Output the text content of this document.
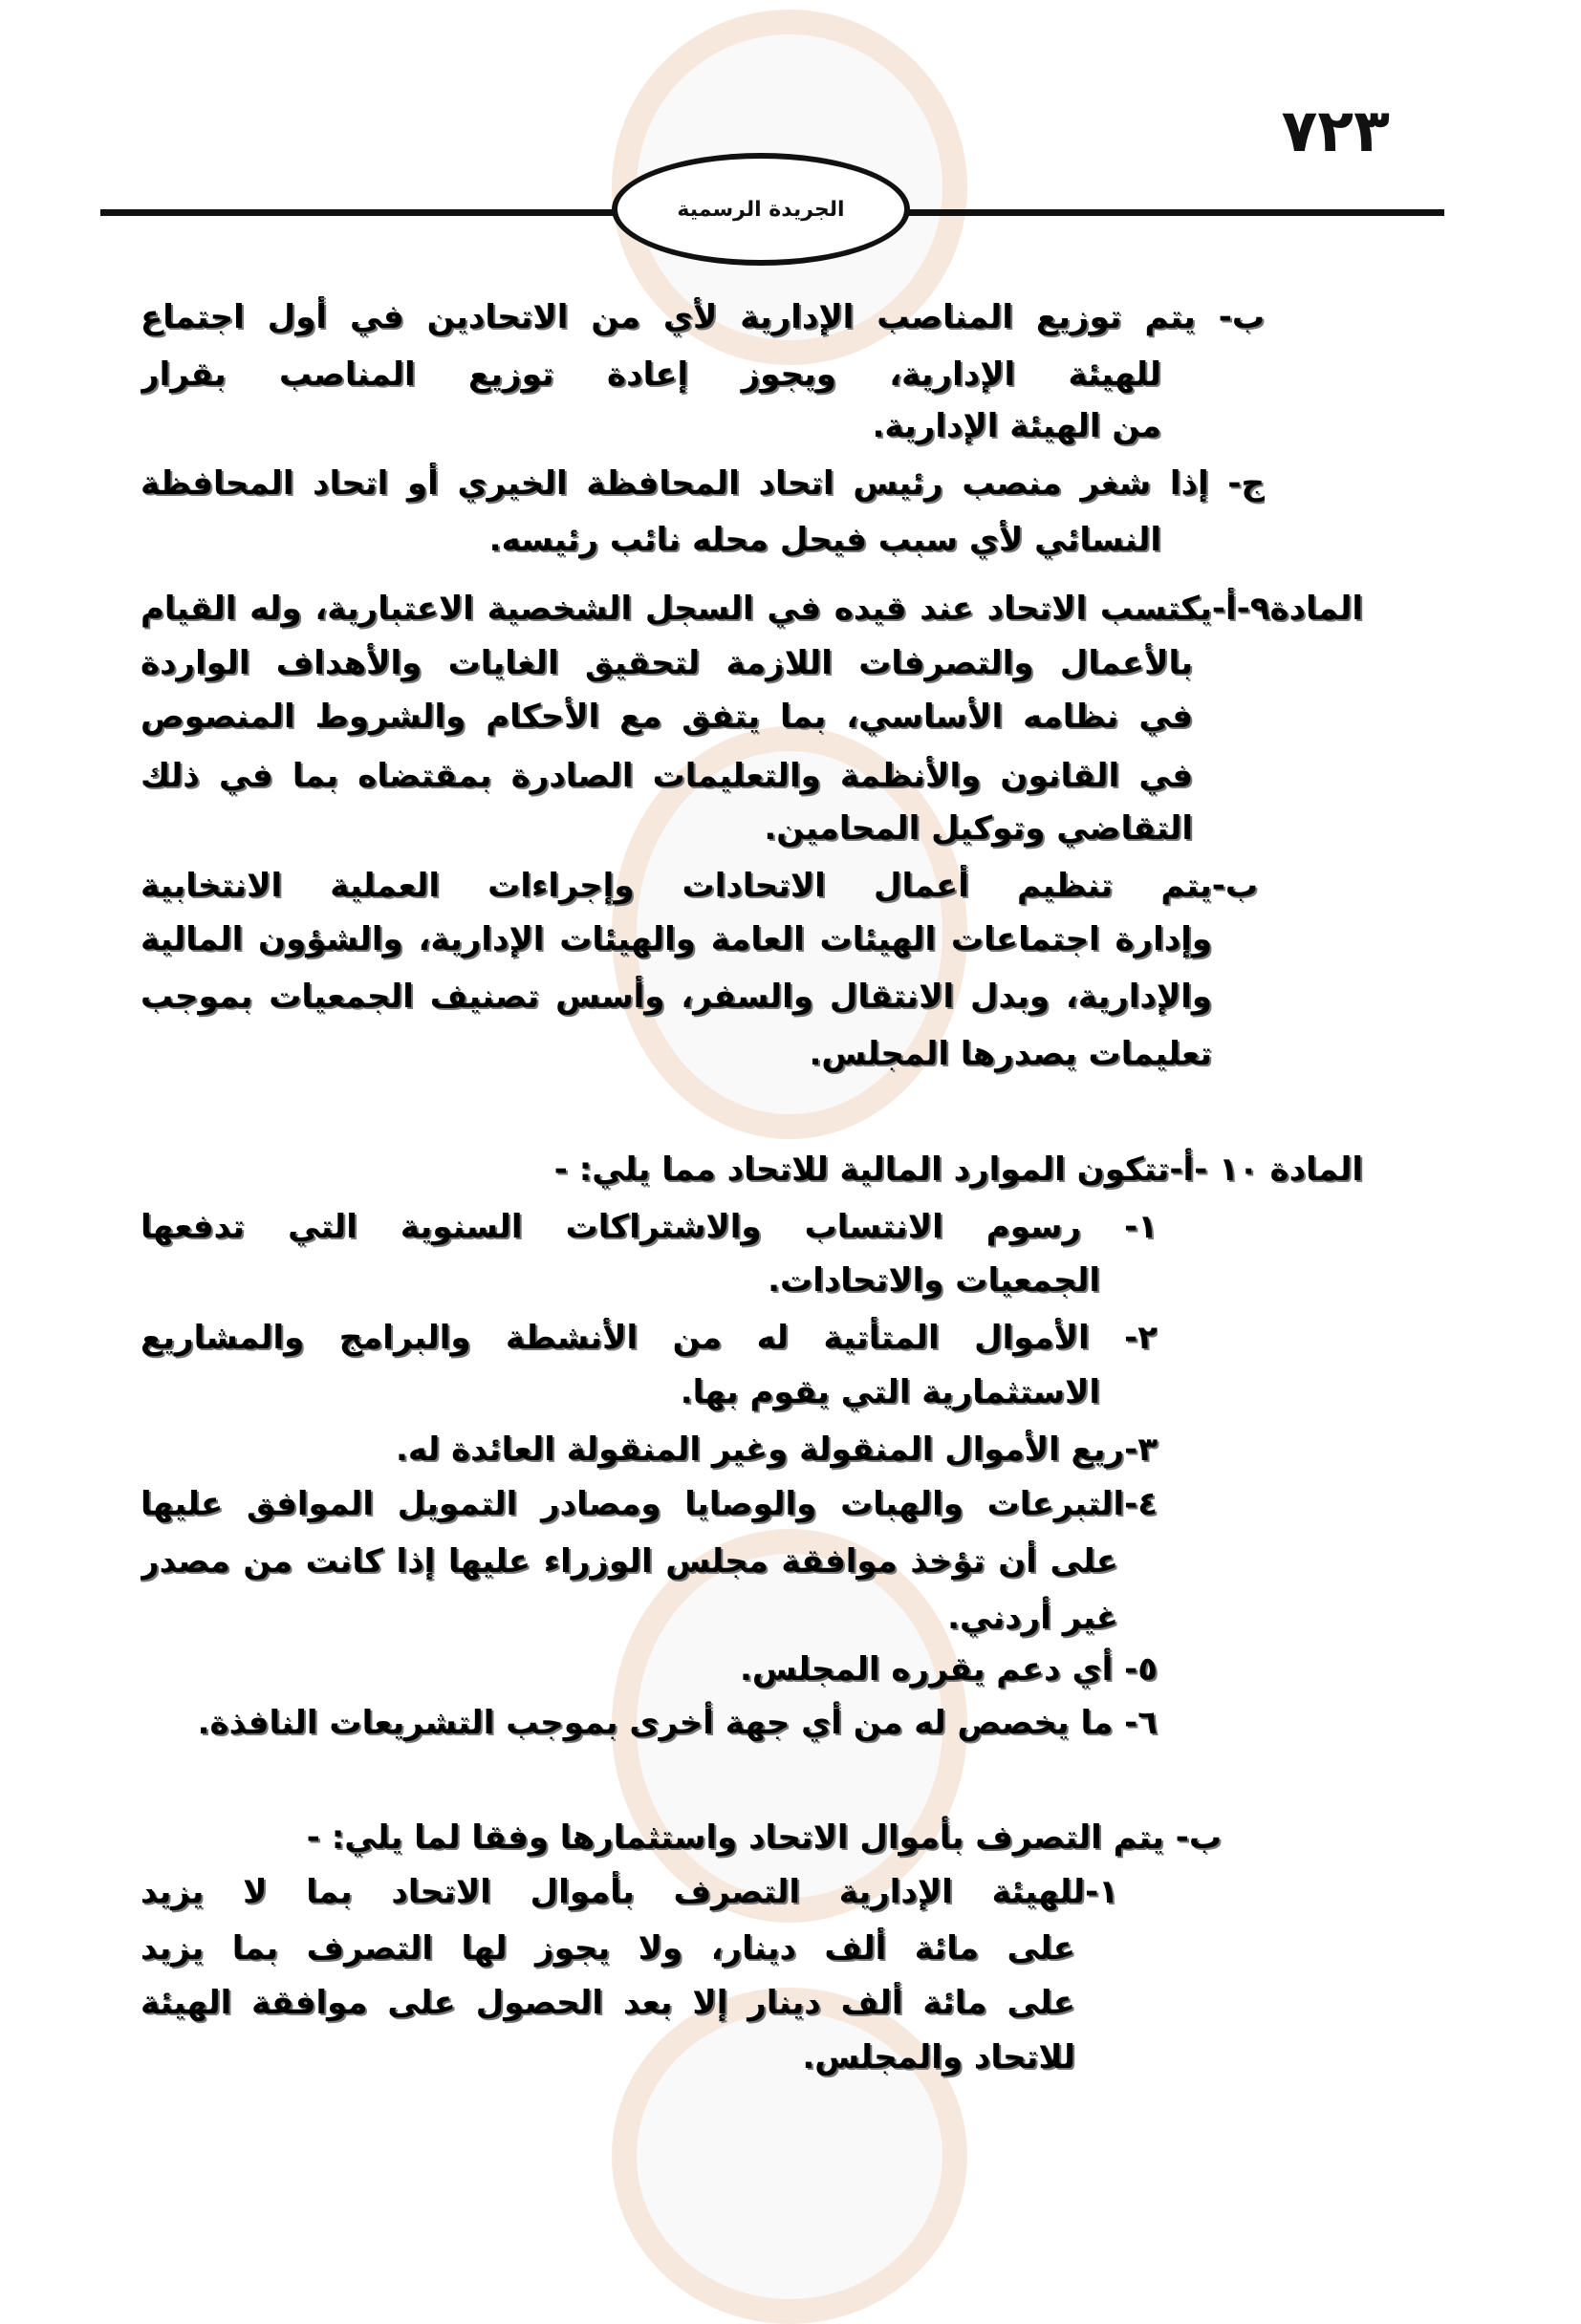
٧٢٣
الجريدة الرسمية
ب- يتم توزيع المناصب الإدارية لأي من الاتحادين في أول اجتماع
للهيئة الإدارية، ويجوز إعادة توزيع المناصب بقرار
من الهيئة الإدارية.
ج- إذا شغر منصب رئيس اتحاد المحافظة الخيري أو اتحاد المحافظة
النسائي لأي سبب فيحل محله نائب رئيسه.
المادة٩-أ-يكتسب الاتحاد عند قيده في السجل الشخصية الاعتبارية، وله القيام
بالأعمال والتصرفات اللازمة لتحقيق الغايات والأهداف الواردة
في نظامه الأساسي، بما يتفق مع الأحكام والشروط المنصوص
في القانون والأنظمة والتعليمات الصادرة بمقتضاه بما في ذلك
التقاضي وتوكيل المحامين.
ب-يتم تنظيم أعمال الاتحادات وإجراءات العملية الانتخابية
وإدارة اجتماعات الهيئات العامة والهيئات الإدارية، والشؤون المالية
والإدارية، وبدل الانتقال والسفر، وأسس تصنيف الجمعيات بموجب
تعليمات يصدرها المجلس.
المادة ١٠ -أ-تتكون الموارد المالية للاتحاد مما يلي: -
١- رسوم الانتساب والاشتراكات السنوية التي تدفعها
الجمعيات والاتحادات.
٢- الأموال المتأتية له من الأنشطة والبرامج والمشاريع
الاستثمارية التي يقوم بها.
٣-ريع الأموال المنقولة وغير المنقولة العائدة له.
٤-التبرعات والهبات والوصايا ومصادر التمويل الموافق عليها
على أن تؤخذ موافقة مجلس الوزراء عليها إذا كانت من مصدر
غير أردني.
٥- أي دعم يقرره المجلس.
٦- ما يخصص له من أي جهة أخرى بموجب التشريعات النافذة.
ب- يتم التصرف بأموال الاتحاد واستثمارها وفقا لما يلي: -
١-للهيئة الإدارية التصرف بأموال الاتحاد بما لا يزيد
على مائة ألف دينار، ولا يجوز لها التصرف بما يزيد
على مائة ألف دينار إلا بعد الحصول على موافقة الهيئة
للاتحاد والمجلس.
